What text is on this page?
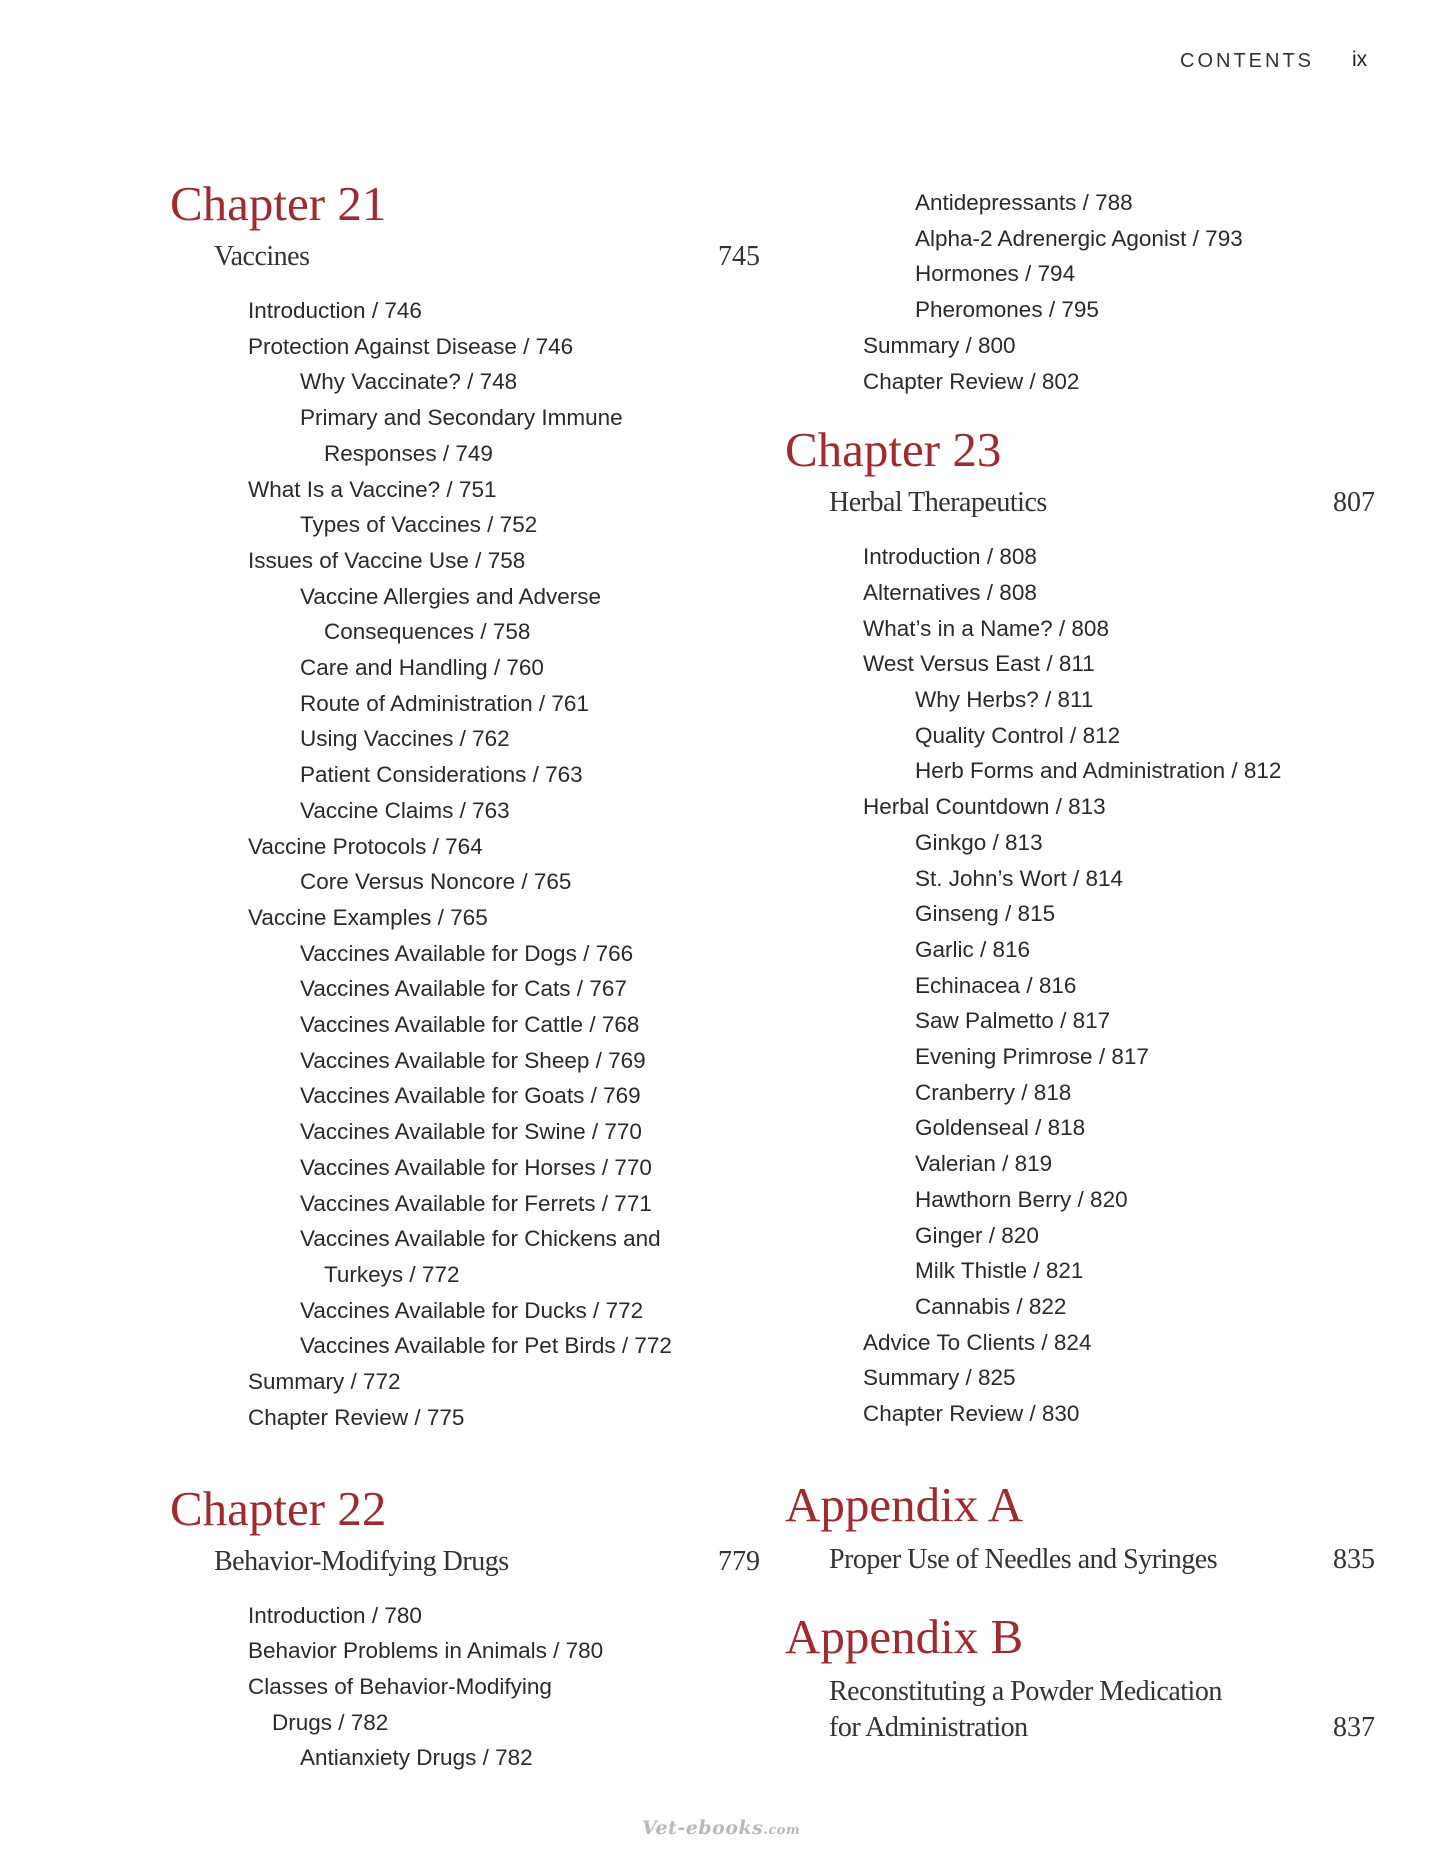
CONTENTS ix
Chapter 21
Vaccines	745
Introduction / 746
Protection Against Disease / 746
Why Vaccinate? / 748
Primary and Secondary Immune
Responses / 749
What Is a Vaccine? / 751
Types of Vaccines / 752
Issues of Vaccine Use / 758
Vaccine Allergies and Adverse
Consequences / 758
Care and Handling / 760
Route of Administration / 761
Using Vaccines / 762
Patient Considerations / 763
Vaccine Claims / 763
Vaccine Protocols / 764
Core Versus Noncore / 765
Vaccine Examples / 765
Vaccines Available for Dogs / 766
Vaccines Available for Cats / 767
Vaccines Available for Cattle / 768
Vaccines Available for Sheep / 769
Vaccines Available for Goats / 769
Vaccines Available for Swine / 770
Vaccines Available for Horses / 770
Vaccines Available for Ferrets / 771
Vaccines Available for Chickens and
Turkeys / 772
Vaccines Available for Ducks / 772
Vaccines Available for Pet Birds / 772
Summary / 772
Chapter Review / 775
Chapter 22
Behavior-Modifying Drugs	779
Introduction / 780
Behavior Problems in Animals / 780
Classes of Behavior-Modifying
Drugs / 782
Antianxiety Drugs / 782
Antidepressants / 788
Alpha-2 Adrenergic Agonist / 793
Hormones / 794
Pheromones / 795
Summary / 800
Chapter Review / 802
Chapter 23
Herbal Therapeutics	807
Introduction / 808
Alternatives / 808
What’s in a Name? / 808
West Versus East / 811
Why Herbs? / 811
Quality Control / 812
Herb Forms and Administration / 812
Herbal Countdown / 813
Ginkgo / 813
St. John’s Wort / 814
Ginseng / 815
Garlic / 816
Echinacea / 816
Saw Palmetto / 817
Evening Primrose / 817
Cranberry / 818
Goldenseal / 818
Valerian / 819
Hawthorn Berry / 820
Ginger / 820
Milk Thistle / 821
Cannabis / 822
Advice To Clients / 824
Summary / 825
Chapter Review / 830
Appendix A
Proper Use of Needles and Syringes	835
Appendix B
Reconstituting a Powder Medication
for Administration	837
Vet-ebooks.com
